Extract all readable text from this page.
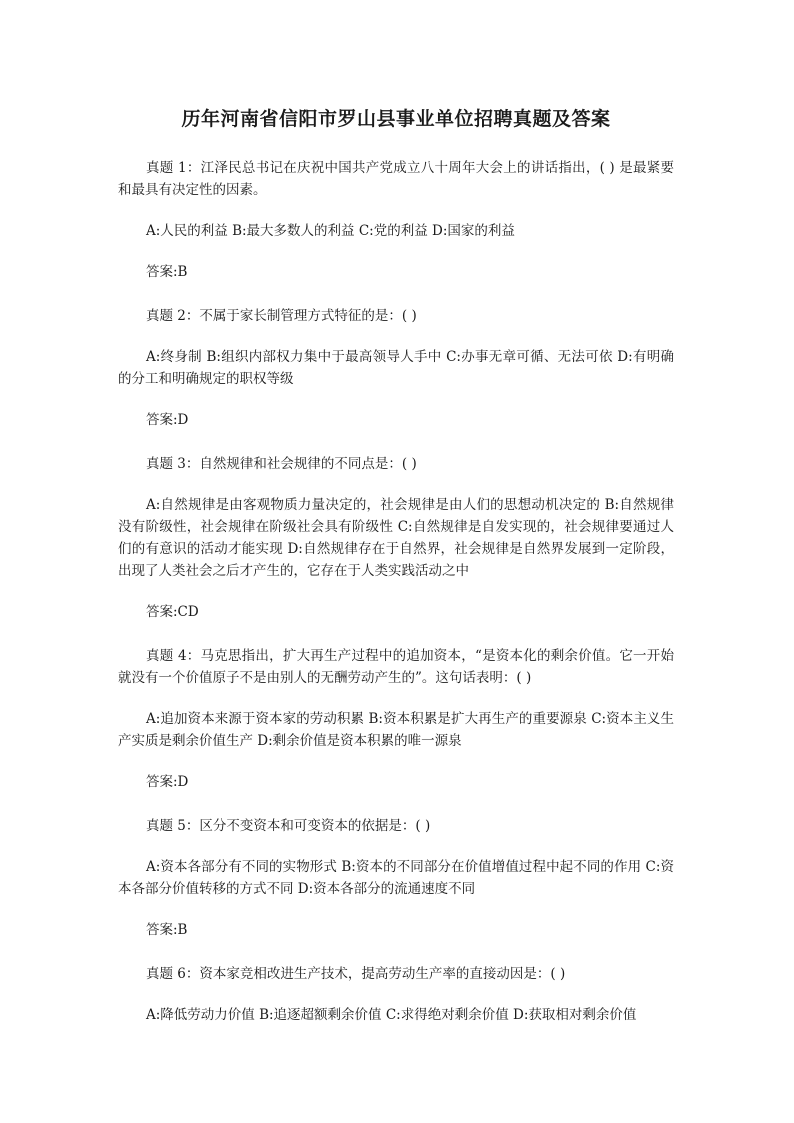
历年河南省信阳市罗山县事业单位招聘真题及答案

真题 1：江泽民总书记在庆祝中国共产党成立八十周年大会上的讲话指出，( ) 是最紧要和最具有决定性的因素。

A:人民的利益 B:最大多数人的利益 C:党的利益 D:国家的利益

答案:B

真题 2：不属于家长制管理方式特征的是：( )

A:终身制 B:组织内部权力集中于最高领导人手中 C:办事无章可循、无法可依 D:有明确的分工和明确规定的职权等级

答案:D

真题 3：自然规律和社会规律的不同点是：( )

A:自然规律是由客观物质力量决定的，社会规律是由人们的思想动机决定的 B:自然规律没有阶级性，社会规律在阶级社会具有阶级性 C:自然规律是自发实现的，社会规律要通过人们的有意识的活动才能实现 D:自然规律存在于自然界，社会规律是自然界发展到一定阶段，出现了人类社会之后才产生的，它存在于人类实践活动之中

答案:CD

真题 4：马克思指出，扩大再生产过程中的追加资本，“是资本化的剩余价值。它一开始就没有一个价值原子不是由别人的无酬劳动产生的”。这句话表明：( )

A:追加资本来源于资本家的劳动积累 B:资本积累是扩大再生产的重要源泉 C:资本主义生产实质是剩余价值生产 D:剩余价值是资本积累的唯一源泉

答案:D

真题 5：区分不变资本和可变资本的依据是：( )

A:资本各部分有不同的实物形式 B:资本的不同部分在价值增值过程中起不同的作用 C:资本各部分价值转移的方式不同 D:资本各部分的流通速度不同

答案:B

真题 6：资本家竞相改进生产技术，提高劳动生产率的直接动因是：( )

A:降低劳动力价值 B:追逐超额剩余价值 C:求得绝对剩余价值 D:获取相对剩余价值
